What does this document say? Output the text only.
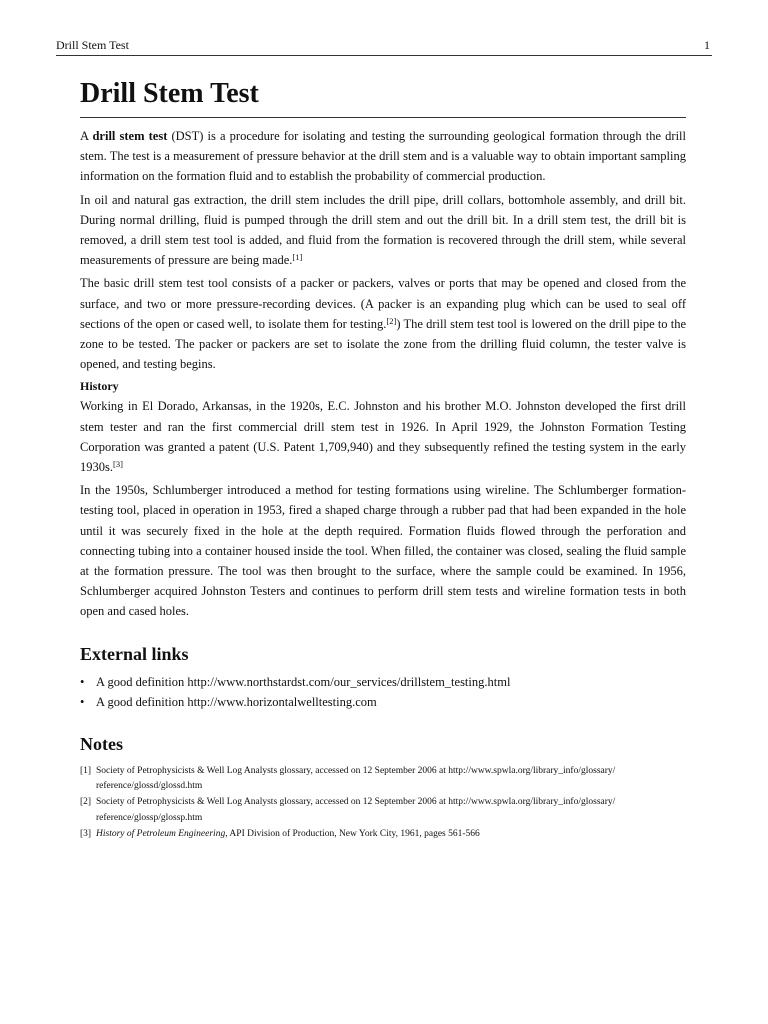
Drill Stem Test	1
Drill Stem Test

A drill stem test (DST) is a procedure for isolating and testing the surrounding geological formation through the drill stem. The test is a measurement of pressure behavior at the drill stem and is a valuable way to obtain important sampling information on the formation fluid and to establish the probability of commercial production.

In oil and natural gas extraction, the drill stem includes the drill pipe, drill collars, bottomhole assembly, and drill bit. During normal drilling, fluid is pumped through the drill stem and out the drill bit. In a drill stem test, the drill bit is removed, a drill stem test tool is added, and fluid from the formation is recovered through the drill stem, while several measurements of pressure are being made.[1]

The basic drill stem test tool consists of a packer or packers, valves or ports that may be opened and closed from the surface, and two or more pressure-recording devices. (A packer is an expanding plug which can be used to seal off sections of the open or cased well, to isolate them for testing.[2]) The drill stem test tool is lowered on the drill pipe to the zone to be tested. The packer or packers are set to isolate the zone from the drilling fluid column, the tester valve is opened, and testing begins.

History

Working in El Dorado, Arkansas, in the 1920s, E.C. Johnston and his brother M.O. Johnston developed the first drill stem tester and ran the first commercial drill stem test in 1926. In April 1929, the Johnston Formation Testing Corporation was granted a patent (U.S. Patent 1,709,940) and they subsequently refined the testing system in the early 1930s.[3]

In the 1950s, Schlumberger introduced a method for testing formations using wireline. The Schlumberger formation-testing tool, placed in operation in 1953, fired a shaped charge through a rubber pad that had been expanded in the hole until it was securely fixed in the hole at the depth required. Formation fluids flowed through the perforation and connecting tubing into a container housed inside the tool. When filled, the container was closed, sealing the fluid sample at the formation pressure. The tool was then brought to the surface, where the sample could be examined. In 1956, Schlumberger acquired Johnston Testers and continues to perform drill stem tests and wireline formation tests in both open and cased holes.

External links
• A good definition http://www.northstardst.com/our_services/drillstem_testing.html
• A good definition http://www.horizontalwelltesting.com
Notes
[1] Society of Petrophysicists & Well Log Analysts glossary, accessed on 12 September 2006 at http://www.spwla.org/library_info/glossary/ reference/glossd/glossd.htm
[2] Society of Petrophysicists & Well Log Analysts glossary, accessed on 12 September 2006 at http://www.spwla.org/library_info/glossary/ reference/glossp/glossp.htm
[3] History of Petroleum Engineering, API Division of Production, New York City, 1961, pages 561-566
